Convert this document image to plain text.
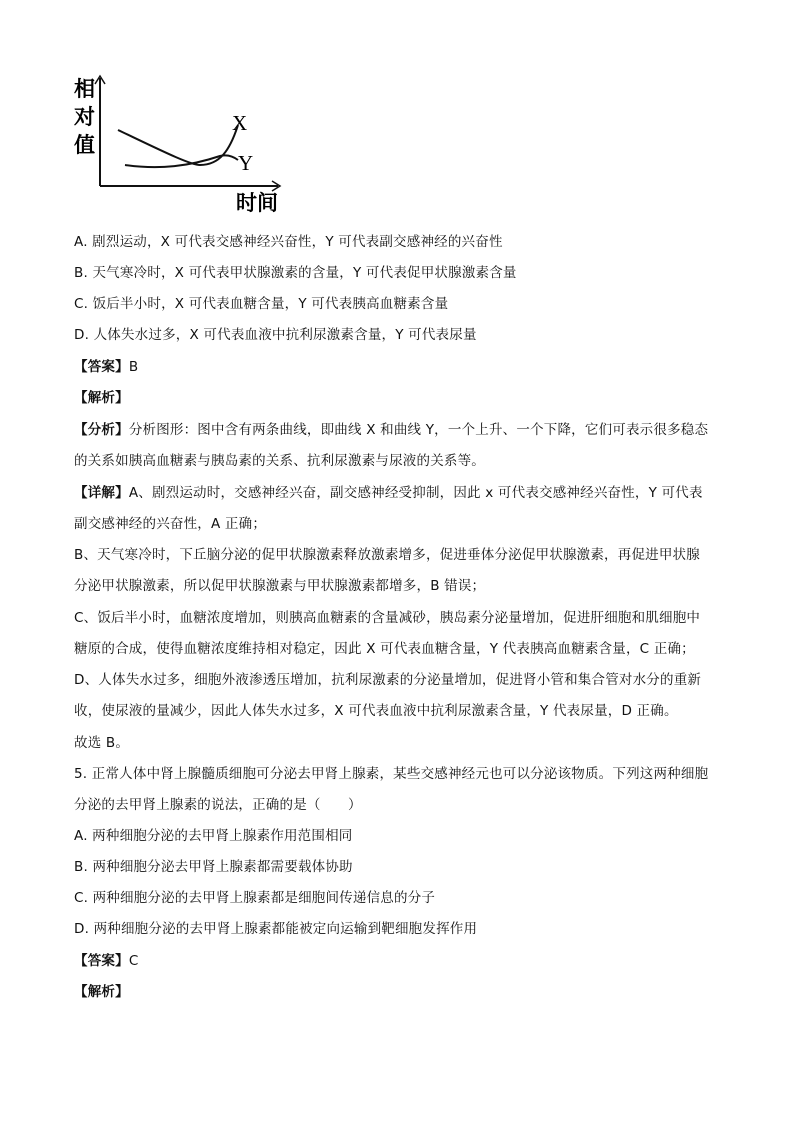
相
对
值
X
Y
时间
A. 剧烈运动，X 可代表交感神经兴奋性，Y 可代表副交感神经的兴奋性
B. 天气寒冷时，X 可代表甲状腺激素的含量，Y 可代表促甲状腺激素含量
C. 饭后半小时，X 可代表血糖含量，Y 可代表胰高血糖素含量
D. 人体失水过多，X 可代表血液中抗利尿激素含量，Y 可代表尿量
【答案】B
【解析】
【分析】分析图形：图中含有两条曲线，即曲线 X 和曲线 Y，一个上升、一个下降，它们可表示很多稳态
的关系如胰高血糖素与胰岛素的关系、抗利尿激素与尿液的关系等。
【详解】A、剧烈运动时，交感神经兴奋，副交感神经受抑制，因此 x 可代表交感神经兴奋性，Y 可代表
副交感神经的兴奋性，A 正确；
B、天气寒冷时，下丘脑分泌的促甲状腺激素释放激素增多，促进垂体分泌促甲状腺激素，再促进甲状腺
分泌甲状腺激素，所以促甲状腺激素与甲状腺激素都增多，B 错误；
C、饭后半小时，血糖浓度增加，则胰高血糖素的含量减砂，胰岛素分泌量增加，促进肝细胞和肌细胞中
糖原的合成，使得血糖浓度维持相对稳定，因此 X 可代表血糖含量，Y 代表胰高血糖素含量，C 正确；
D、人体失水过多，细胞外液渗透压增加，抗利尿激素的分泌量增加，促进肾小管和集合管对水分的重新
收，使尿液的量减少，因此人体失水过多，X 可代表血液中抗利尿激素含量，Y 代表尿量，D 正确。
故选 B。
5. 正常人体中肾上腺髓质细胞可分泌去甲肾上腺素，某些交感神经元也可以分泌该物质。下列这两种细胞
分泌的去甲肾上腺素的说法，正确的是（　　）
A. 两种细胞分泌的去甲肾上腺素作用范围相同
B. 两种细胞分泌去甲肾上腺素都需要载体协助
C. 两种细胞分泌的去甲肾上腺素都是细胞间传递信息的分子
D. 两种细胞分泌的去甲肾上腺素都能被定向运输到靶细胞发挥作用
【答案】C
【解析】
